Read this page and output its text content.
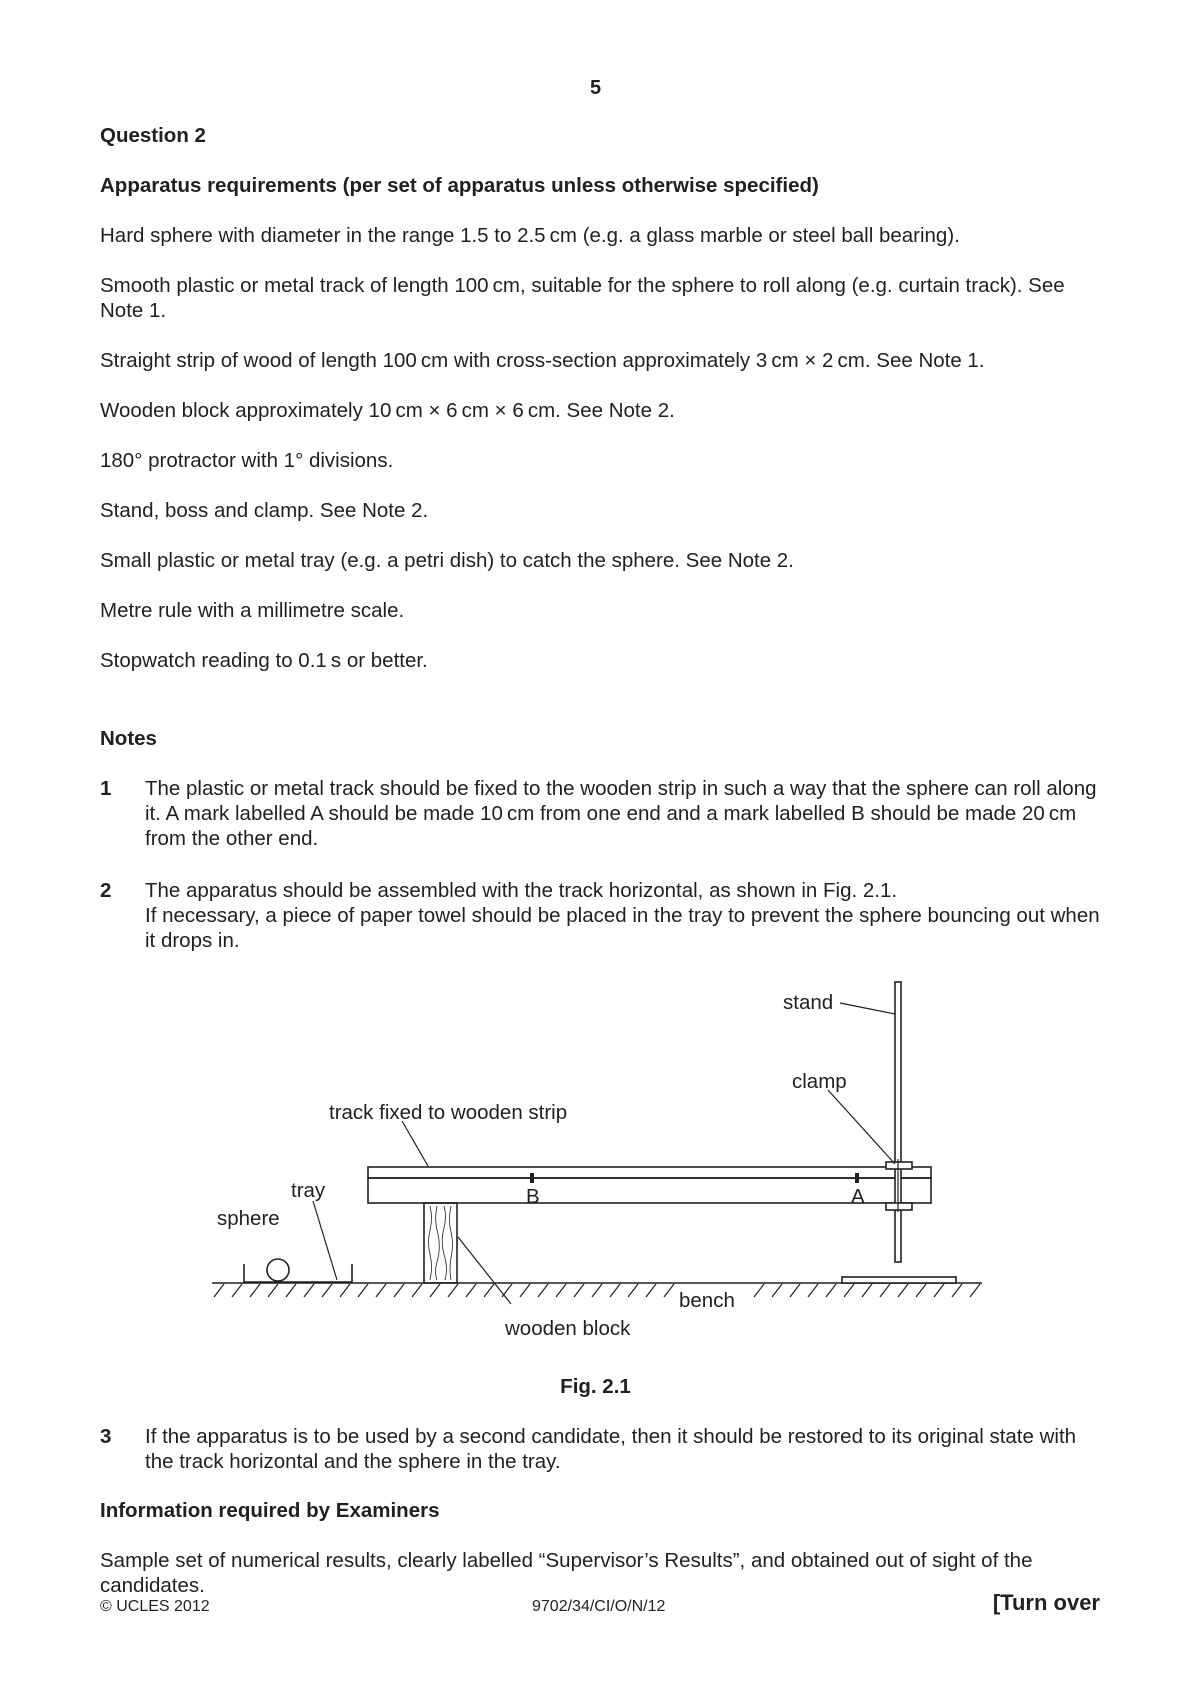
5
Question 2
Apparatus requirements (per set of apparatus unless otherwise specified)
Hard sphere with diameter in the range 1.5 to 2.5 cm (e.g. a glass marble or steel ball bearing).
Smooth plastic or metal track of length 100 cm, suitable for the sphere to roll along (e.g. curtain track). See Note 1.
Straight strip of wood of length 100 cm with cross-section approximately 3 cm × 2 cm. See Note 1.
Wooden block approximately 10 cm × 6 cm × 6 cm. See Note 2.
180° protractor with 1° divisions.
Stand, boss and clamp. See Note 2.
Small plastic or metal tray (e.g. a petri dish) to catch the sphere. See Note 2.
Metre rule with a millimetre scale.
Stopwatch reading to 0.1 s or better.
Notes
1 The plastic or metal track should be fixed to the wooden strip in such a way that the sphere can roll along it. A mark labelled A should be made 10 cm from one end and a mark labelled B should be made 20 cm from the other end.
2 The apparatus should be assembled with the track horizontal, as shown in Fig. 2.1.
If necessary, a piece of paper towel should be placed in the tray to prevent the sphere bouncing out when it drops in.
stand
clamp
track fixed to wooden strip
tray
sphere
B	A
bench
wooden block
Fig. 2.1
3 If the apparatus is to be used by a second candidate, then it should be restored to its original state with the track horizontal and the sphere in the tray.
Information required by Examiners
Sample set of numerical results, clearly labelled “Supervisor’s Results”, and obtained out of sight of the candidates.
© UCLES 2012	9702/34/CI/O/N/12	[Turn over
